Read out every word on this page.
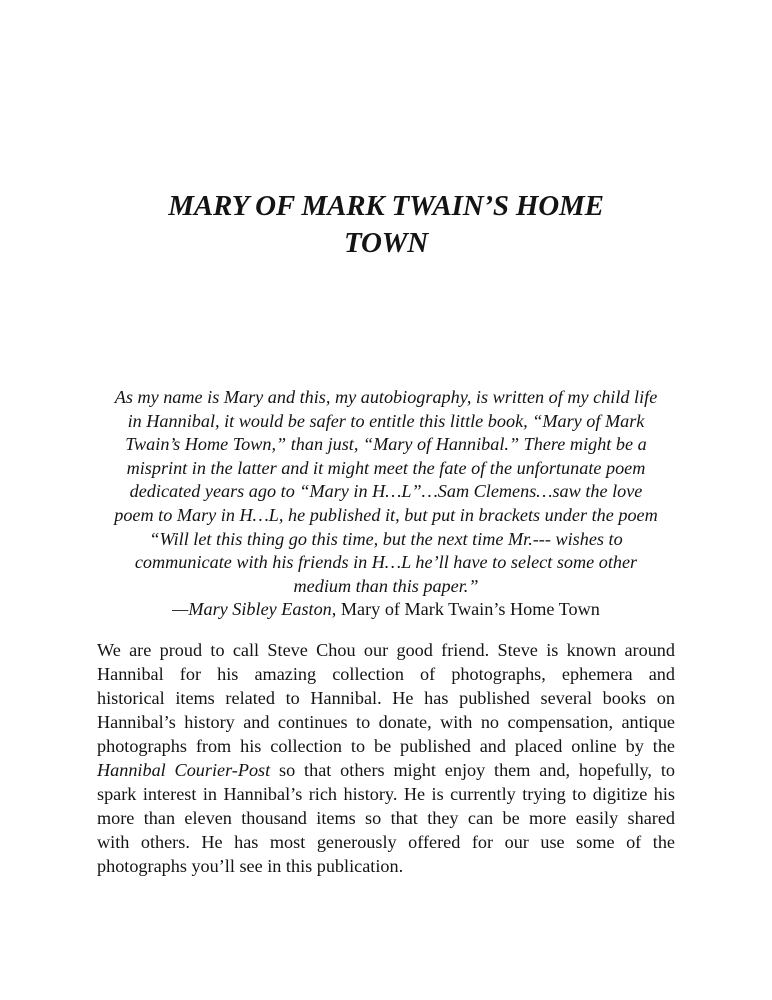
MARY OF MARK TWAIN’S HOME
TOWN

As my name is Mary and this, my autobiography, is written of my child life
in Hannibal, it would be safer to entitle this little book, “Mary of Mark
Twain’s Home Town,” than just, “Mary of Hannibal.” There might be a
misprint in the latter and it might meet the fate of the unfortunate poem
dedicated years ago to “Mary in H…L”…Sam Clemens…saw the love
poem to Mary in H…L, he published it, but put in brackets under the poem
“Will let this thing go this time, but the next time Mr.--- wishes to
communicate with his friends in H…L he’ll have to select some other
medium than this paper.”

—Mary Sibley Easton, Mary of Mark Twain’s Home Town

We are proud to call Steve Chou our good friend. Steve is known around
Hannibal for his amazing collection of photographs, ephemera and
historical items related to Hannibal. He has published several books on
Hannibal’s history and continues to donate, with no compensation, antique
photographs from his collection to be published and placed online by the
Hannibal Courier-Post so that others might enjoy them and, hopefully, to
spark interest in Hannibal’s rich history. He is currently trying to digitize his
more than eleven thousand items so that they can be more easily shared
with others. He has most generously offered for our use some of the
photographs you’ll see in this publication.
